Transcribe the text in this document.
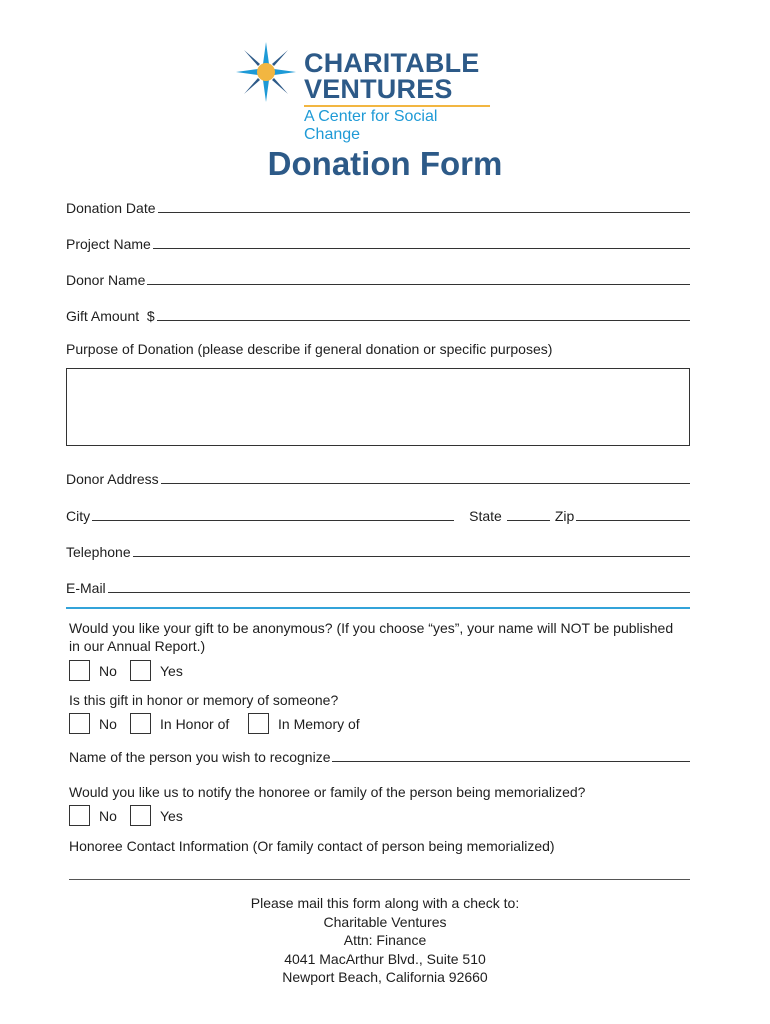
CHARITABLE
VENTURES
A Center for Social Change
Donation Form
Donation Date
Project Name
Donor Name
Gift Amount  $
Purpose of Donation (please describe if general donation or specific purposes)
Donor Address
City	State	Zip
Telephone
E-Mail
Would you like your gift to be anonymous? (If you choose “yes”, your name will NOT be published in our Annual Report.)
No	Yes
Is this gift in honor or memory of someone?
No	In Honor of	In Memory of
Name of the person you wish to recognize
Would you like us to notify the honoree or family of the person being memorialized?
No	Yes
Honoree Contact Information (Or family contact of person being memorialized)
Please mail this form along with a check to:
Charitable Ventures
Attn: Finance
4041 MacArthur Blvd., Suite 510
Newport Beach, California 92660
